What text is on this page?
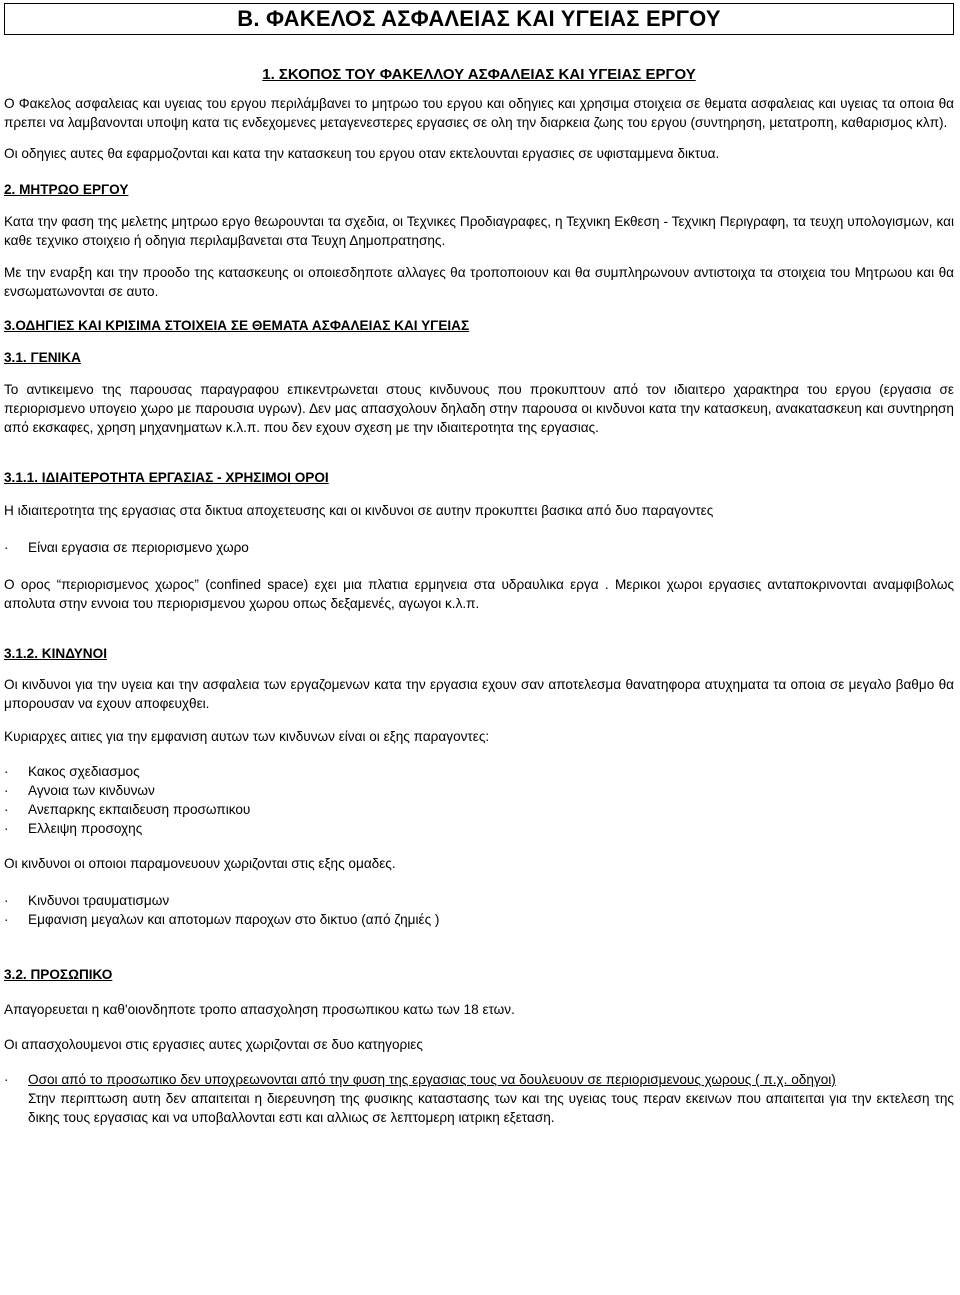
B. ΦΑΚΕΛΟΣ ΑΣΦΑΛΕΙΑΣ ΚΑΙ ΥΓΕΙΑΣ ΕΡΓΟΥ
1. ΣΚΟΠΟΣ ΤΟΥ ΦΑΚΕΛΛΟΥ ΑΣΦΑΛΕΙΑΣ ΚΑΙ ΥΓΕΙΑΣ ΕΡΓΟΥ

Ο Φακελος ασφαλειας και υγειας του εργου περιλάμβανει το μητρωο του εργου και οδηγιες και χρησιμα στοιχεια σε θεματα ασφαλειας και υγειας τα οποια θα πρεπει να λαμβανονται υποψη κατα τις ενδεχομενες μεταγενεστερες εργασιες σε ολη την διαρκεια ζωης του εργου (συντηρηση, μετατροπη, καθαρισμος κλπ).

Οι οδηγιες αυτες θα εφαρμοζονται και κατα την κατασκευη του εργου οταν εκτελουνται εργασιες σε υφισταμμενα δικτυα.

2. ΜΗΤΡΩΟ ΕΡΓΟΥ

Κατα την φαση της μελετης μητρωο εργο θεωρουνται τα σχεδια, οι Τεχνικες Προδιαγραφες, η Τεχνικη Εκθεση - Τεχνικη Περιγραφη, τα τευχη υπολογισμων, και καθε τεχνικο στοιχειο ή οδηγια περιλαμβανεται στα Τευχη Δημοπρατησης.

Με την εναρξη και την προοδο της κατασκευης οι οποιεσδηποτε αλλαγες θα τροποποιουν και θα συμπληρωνουν αντιστοιχα τα στοιχεια του Μητρωου και θα ενσωματωνονται σε αυτο.

3.ΟΔΗΓΙΕΣ ΚΑΙ ΚΡΙΣΙΜΑ ΣΤΟΙΧΕΙΑ ΣΕ ΘΕΜΑΤΑ ΑΣΦΑΛΕΙΑΣ ΚΑΙ ΥΓΕΙΑΣ
3.1. ΓΕΝΙΚΑ

Το αντικειμενο της παρουσας παραγραφου επικεντρωνεται στους κινδυνους που προκυπτουν από τον ιδιαιτερο χαρακτηρα του εργου (εργασια σε περιορισμενο υπογειο χωρο με παρουσια υγρων). Δεν μας απασχολουν δηλαδη στην παρουσα οι κινδυνοι κατα την κατασκευη, ανακατασκευη και συντηρηση από εκσκαφες, χρηση μηχανηματων κ.λ.π. που δεν εχουν σχεση με την ιδιαιτεροτητα της εργασιας.

3.1.1. ΙΔΙΑΙΤΕΡΟΤΗΤΑ ΕΡΓΑΣΙΑΣ - ΧΡΗΣΙΜΟΙ ΟΡΟΙ

Η ιδιαιτεροτητα της εργασιας στα δικτυα αποχετευσης και οι κινδυνοι σε αυτην προκυπτει βασικα από δυο παραγοντες

· Είναι εργασια σε περιορισμενο χωρο

Ο ορος “περιορισμενος χωρος” (confined space) εχει μια πλατια ερμηνεια στα υδραυλικα εργα . Μερικοι χωροι εργασιες ανταποκρινονται αναμφιβολως απολυτα στην εννοια του περιορισμενου χωρου οπως δεξαμενές, αγωγοι κ.λ.π.

3.1.2. ΚΙΝΔΥΝΟΙ

Οι κινδυνοι για την υγεια και την ασφαλεια των εργαζομενων κατα την εργασια εχουν σαν αποτελεσμα θανατηφορα ατυχηματα τα οποια σε μεγαλο βαθμο θα μπορουσαν να εχουν αποφευχθει.

Κυριαρχες αιτιες για την εμφανιση αυτων των κινδυνων είναι οι εξης παραγοντες:

· Κακος σχεδιασμος

· Αγνοια των κινδυνων

· Ανεπαρκης εκπαιδευση προσωπικου

· Ελλειψη προσοχης

Οι κινδυνοι οι οποιοι παραμονευουν χωριζονται στις εξης ομαδες.

· Κινδυνοι τραυματισμων

· Εμφανιση μεγαλων και αποτομων παροχων στο δικτυο (από ζημιές )

3.2. ΠΡΟΣΩΠΙΚΟ

Απαγορευεται η καθ'οιονδηποτε τροπο απασχοληση προσωπικου κατω των 18 ετων.

Οι απασχολουμενοι στις εργασιες αυτες χωριζονται σε δυο κατηγοριες

· Οσοι από το προσωπικο δεν υποχρεωνονται από την φυση της εργασιας τους να δουλευουν σε περιορισμενους χωρους ( π.χ. οδηγοι)
Στην περιπτωση αυτη δεν απαιτειται η διερευνηση της φυσικης καταστασης των και της υγειας τους περαν εκεινων που απαιτειται για την εκτελεση της δικης τους εργασιας και να υποβαλλονται εστι και αλλιως σε λεπτομερη ιατρικη εξεταση.
